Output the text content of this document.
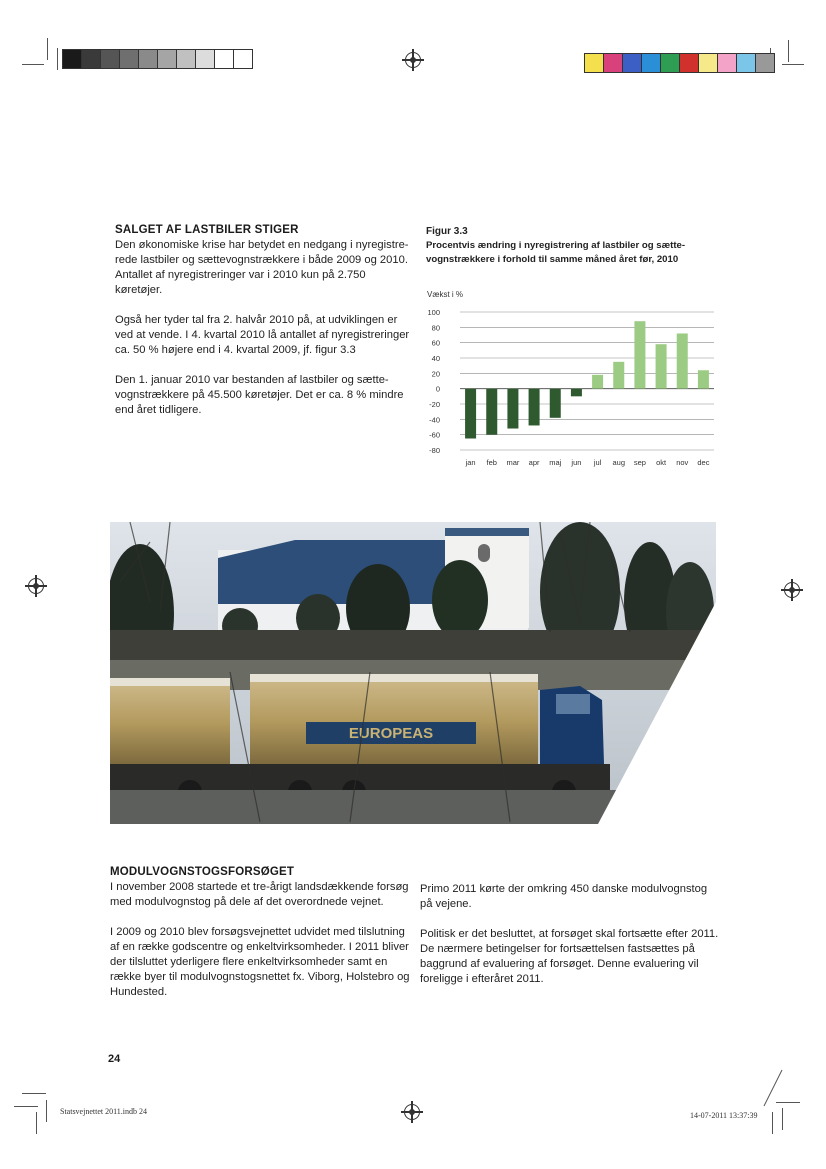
SALGET AF LASTBILER STIGER

Den økonomiske krise har betydet en nedgang i nyregistre-
rede lastbiler og sættevognstrækkere i både 2009 og 2010.
Antallet af nyregistreringer var i 2010 kun på 2.750 køretøjer.

Også her tyder tal fra 2. halvår 2010 på, at udviklingen er
ved at vende. I 4. kvartal 2010 lå antallet af nyregistreringer
ca. 50 % højere end i 4. kvartal 2009, jf. figur 3.3

Den 1. januar 2010 var bestanden af lastbiler og sætte-
vognstrækkere på 45.500 køretøjer. Det er ca. 8 % mindre
end året tidligere.

Figur 3.3
Procentvis ændring i nyregistrering af lastbiler og sætte-
vognstrækkere i forhold til samme måned året før, 2010
Vækst i %
100
80
60
40
20
0
-20
-40
-60
-80
jan feb mar apr maj jun jul aug sep okt nov dec
EUROPEAS
MODULVOGNSTOGSFORSØGET

I november 2008 startede et tre-årigt landsdækkende forsøg
med modulvognstog på dele af det overordnede vejnet.

I 2009 og 2010 blev forsøgsvejnettet udvidet med tilslutning
af en række godscentre og enkeltvirksomheder. I 2011 bliver
der tilsluttet yderligere flere enkeltvirksomheder samt en
række byer til modulvognstogsnettet fx. Viborg, Holstebro og
Hundested.

Primo 2011 kørte der omkring 450 danske modulvognstog
på vejene.

Politisk er det besluttet, at forsøget skal fortsætte efter 2011.
De nærmere betingelser for fortsættelsen fastsættes på
baggrund af evaluering af forsøget. Denne evaluering vil
foreligge i efteråret 2011.

24
Statsvejnettet 2011.indb 24	14-07-2011 13:37:39
